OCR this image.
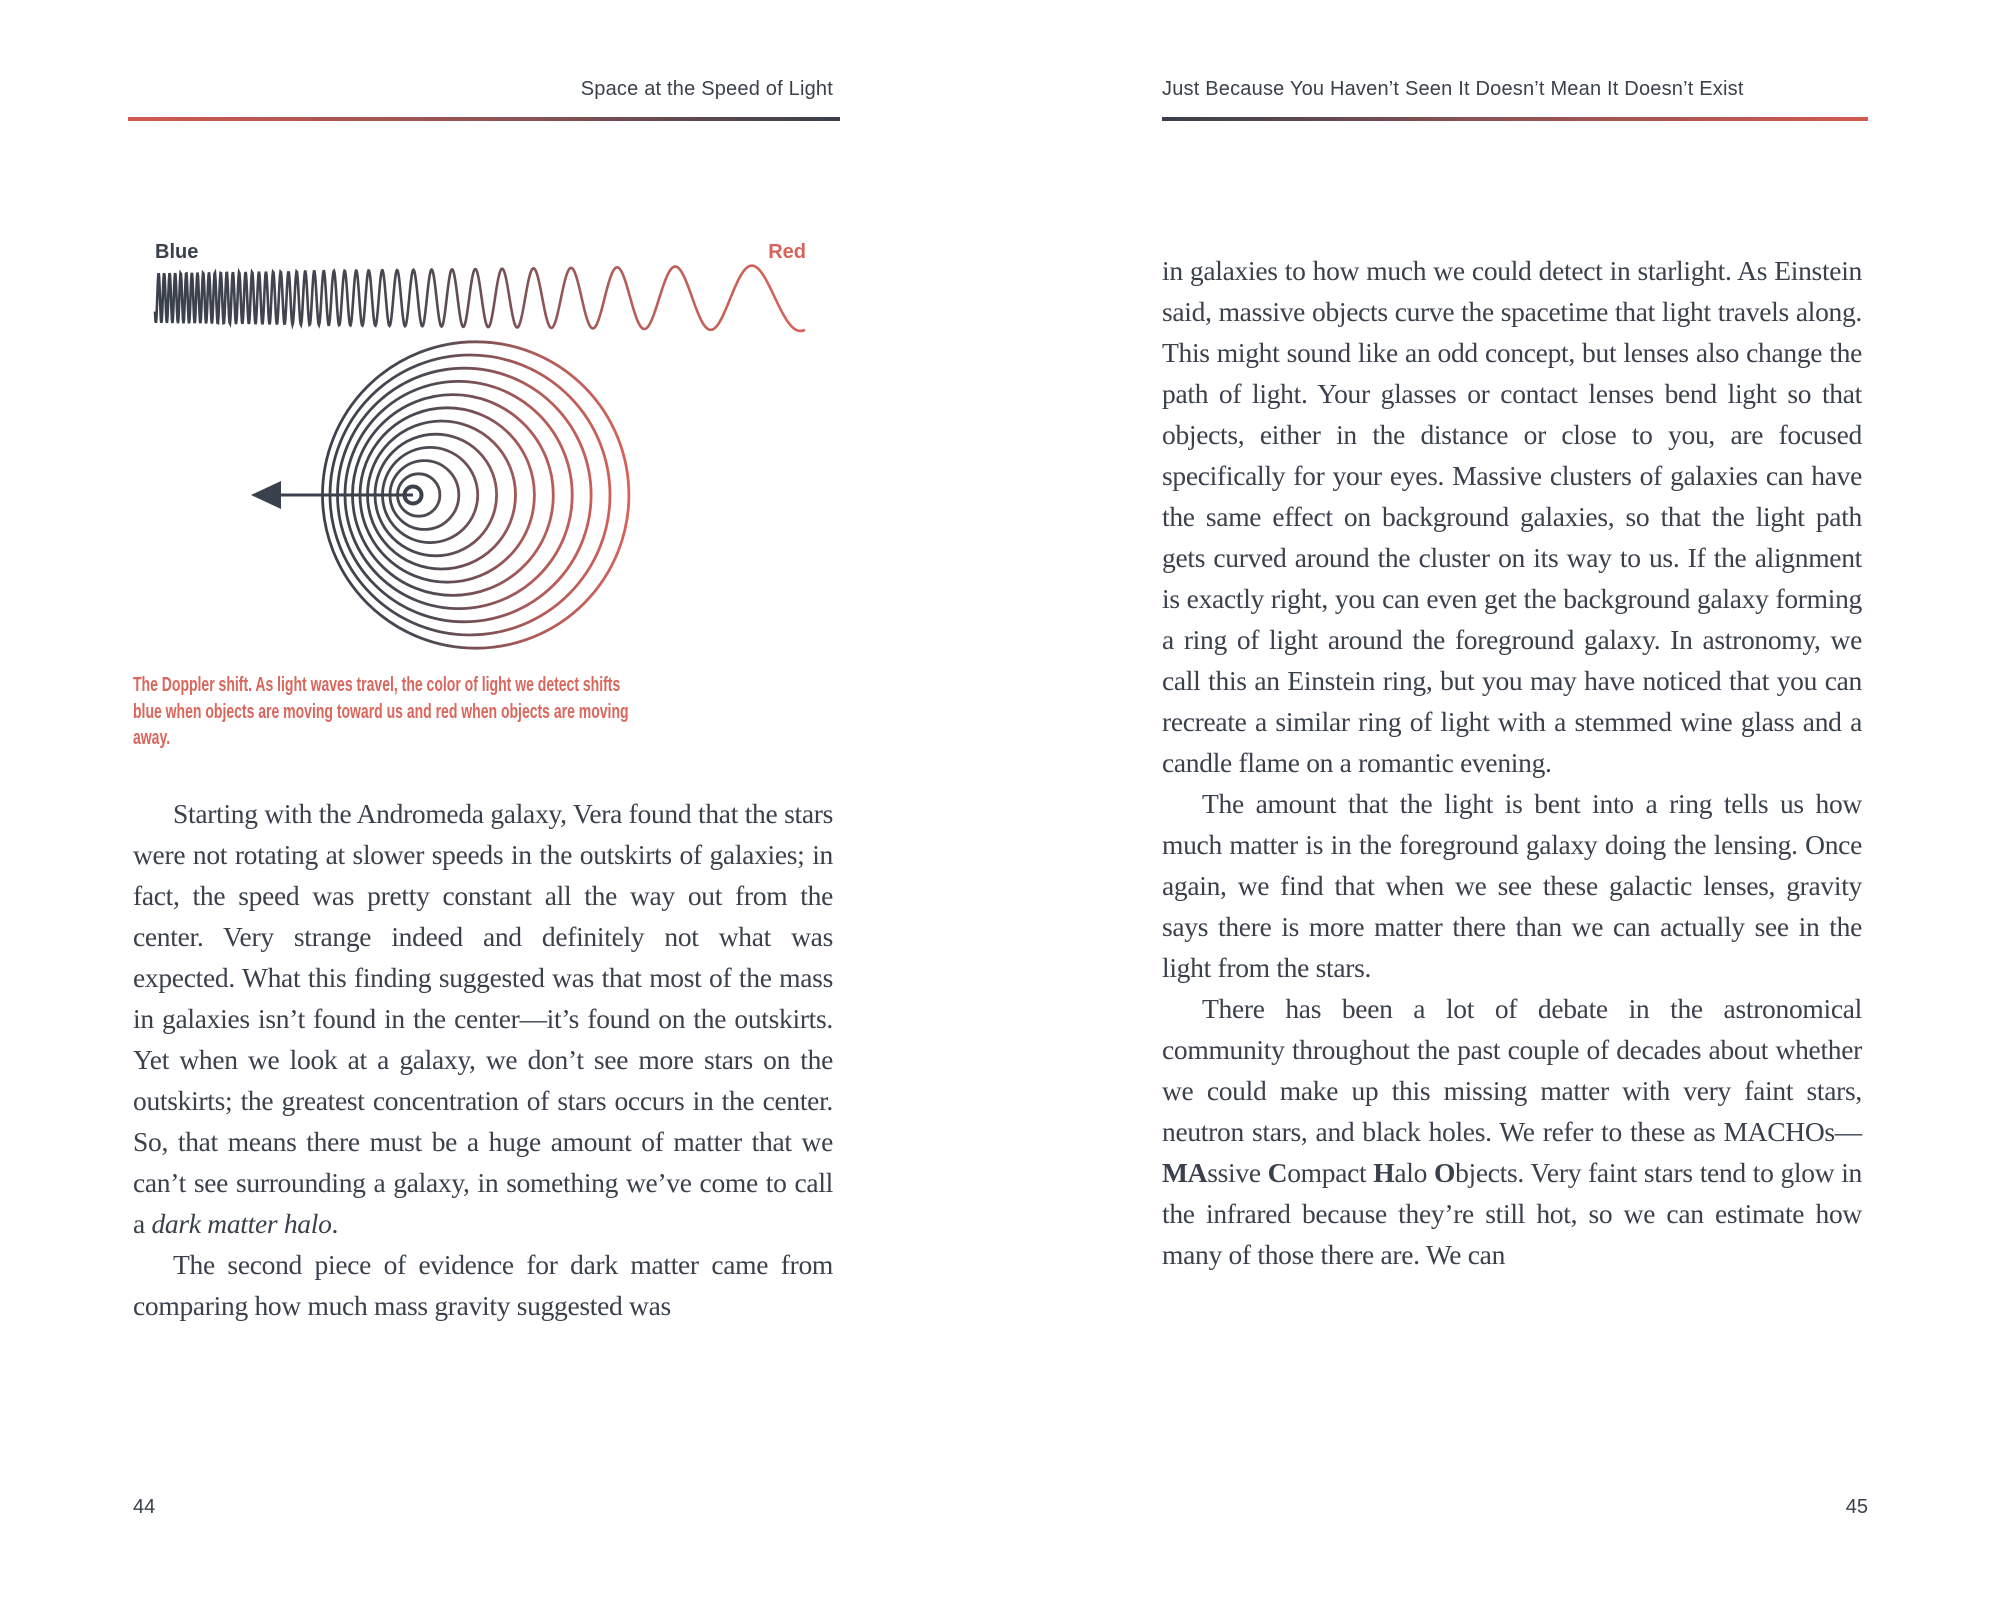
Space at the Speed of Light
Blue	Red
The Doppler shift. As light waves travel, the color of light we detect shifts blue when objects are moving toward us and red when objects are moving away.

Starting with the Andromeda galaxy, Vera found that the stars were not rotating at slower speeds in the outskirts of galaxies; in fact, the speed was pretty constant all the way out from the center. Very strange indeed and definitely not what was expected. What this finding suggested was that most of the mass in galaxies isn’t found in the center—it’s found on the outskirts. Yet when we look at a galaxy, we don’t see more stars on the outskirts; the greatest concentration of stars occurs in the center. So, that means there must be a huge amount of matter that we can’t see surrounding a galaxy, in something we’ve come to call a dark matter halo.

The second piece of evidence for dark matter came from comparing how much mass gravity suggested was

44
Just Because You Haven’t Seen It Doesn’t Mean It Doesn’t Exist

in galaxies to how much we could detect in starlight. As Einstein said, massive objects curve the spacetime that light travels along. This might sound like an odd concept, but lenses also change the path of light. Your glasses or contact lenses bend light so that objects, either in the distance or close to you, are focused specifically for your eyes. Massive clusters of galaxies can have the same effect on background galaxies, so that the light path gets curved around the cluster on its way to us. If the alignment is exactly right, you can even get the background galaxy forming a ring of light around the foreground galaxy. In astronomy, we call this an Einstein ring, but you may have noticed that you can recreate a similar ring of light with a stemmed wine glass and a candle flame on a romantic evening.

The amount that the light is bent into a ring tells us how much matter is in the foreground galaxy doing the lensing. Once again, we find that when we see these galactic lenses, gravity says there is more matter there than we can actually see in the light from the stars.

There has been a lot of debate in the astronomical community throughout the past couple of decades about whether we could make up this missing matter with very faint stars, neutron stars, and black holes. We refer to these as MACHOs—MAssive Compact Halo Objects. Very faint stars tend to glow in the infrared because they’re still hot, so we can estimate how many of those there are. We can

45
